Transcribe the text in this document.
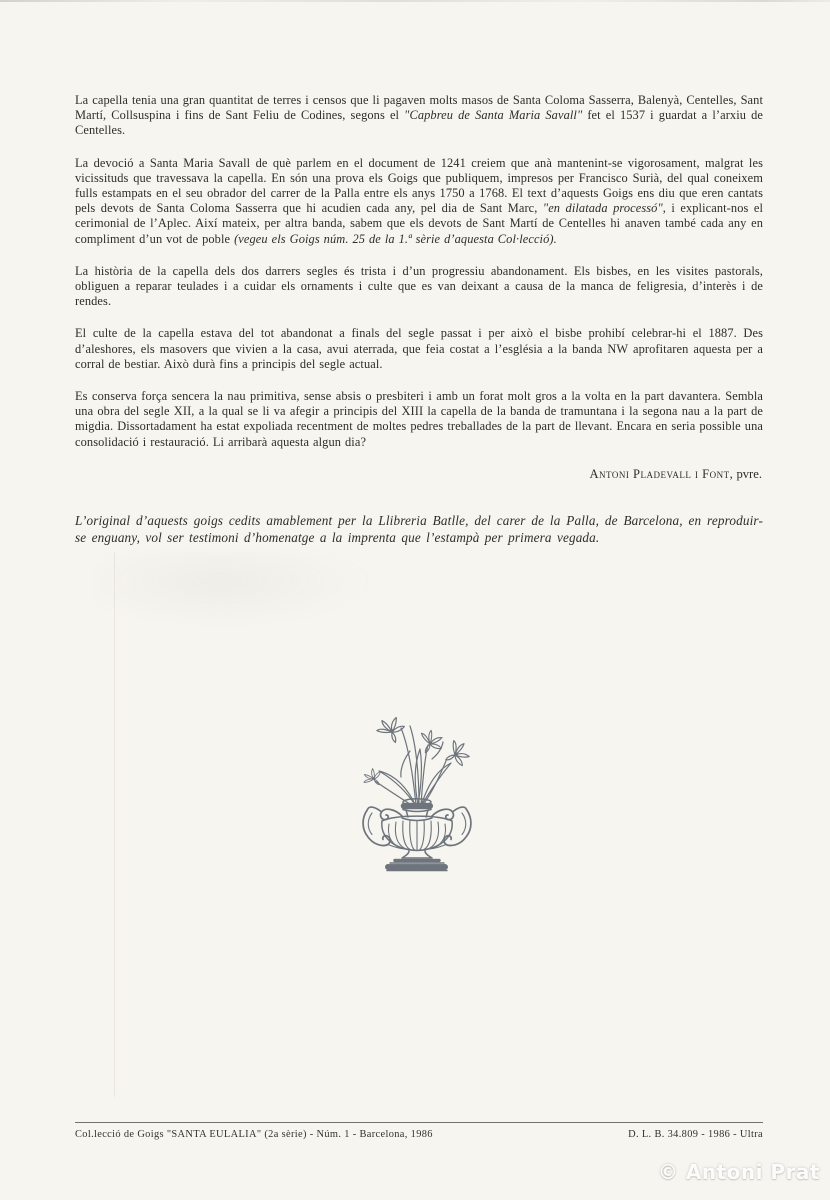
La capella tenia una gran quantitat de terres i censos que li pagaven molts masos de Santa Coloma Sasserra, Balenyà, Centelles, Sant Martí, Collsuspina i fins de Sant Feliu de Codines, segons el "Capbreu de Santa Maria Savall" fet el 1537 i guardat a l’arxiu de Centelles.

La devoció a Santa Maria Savall de què parlem en el document de 1241 creiem que anà mantenint-se vigorosament, malgrat les vicissituds que travessava la capella. En són una prova els Goigs que publiquem, impresos per Francisco Surià, del qual coneixem fulls estampats en el seu obrador del carrer de la Palla entre els anys 1750 a 1768. El text d’aquests Goigs ens diu que eren cantats pels devots de Santa Coloma Sasserra que hi acudien cada any, pel dia de Sant Marc, "en dilatada processó", i explicant-nos el cerimonial de l’Aplec. Així mateix, per altra banda, sabem que els devots de Sant Martí de Centelles hi anaven també cada any en compliment d’un vot de poble (vegeu els Goigs núm. 25 de la 1.ª sèrie d’aquesta Col·lecció).

La història de la capella dels dos darrers segles és trista i d’un progressiu abandonament. Els bisbes, en les visites pastorals, obliguen a reparar teulades i a cuidar els ornaments i culte que es van deixant a causa de la manca de feligresia, d’interès i de rendes.

El culte de la capella estava del tot abandonat a finals del segle passat i per això el bisbe prohibí celebrar-hi el 1887. Des d’aleshores, els masovers que vivien a la casa, avui aterrada, que feia costat a l’església a la banda NW aprofitaren aquesta per a corral de bestiar. Això durà fins a principis del segle actual.

Es conserva força sencera la nau primitiva, sense absis o presbiteri i amb un forat molt gros a la volta en la part davantera. Sembla una obra del segle XII, a la qual se li va afegir a principis del XIII la capella de la banda de tramuntana i la segona nau a la part de migdia. Dissortadament ha estat expoliada recentment de moltes pedres treballades de la part de llevant. Encara en seria possible una consolidació i restauració. Li arribarà aquesta algun dia?

Antoni Pladevall i Font, pvre.

L’original d’aquests goigs cedits amablement per la Llibreria Batlle, del carer de la Palla, de Barcelona, en reproduir-se enguany, vol ser testimoni d’homenatge a la imprenta que l’estampà per primera vegada.

Col.lecció de Goigs "SANTA EULALIA" (2a sèrie) - Núm. 1 - Barcelona, 1986	D. L. B. 34.809 - 1986 - Ultra
© Antoni Prat
